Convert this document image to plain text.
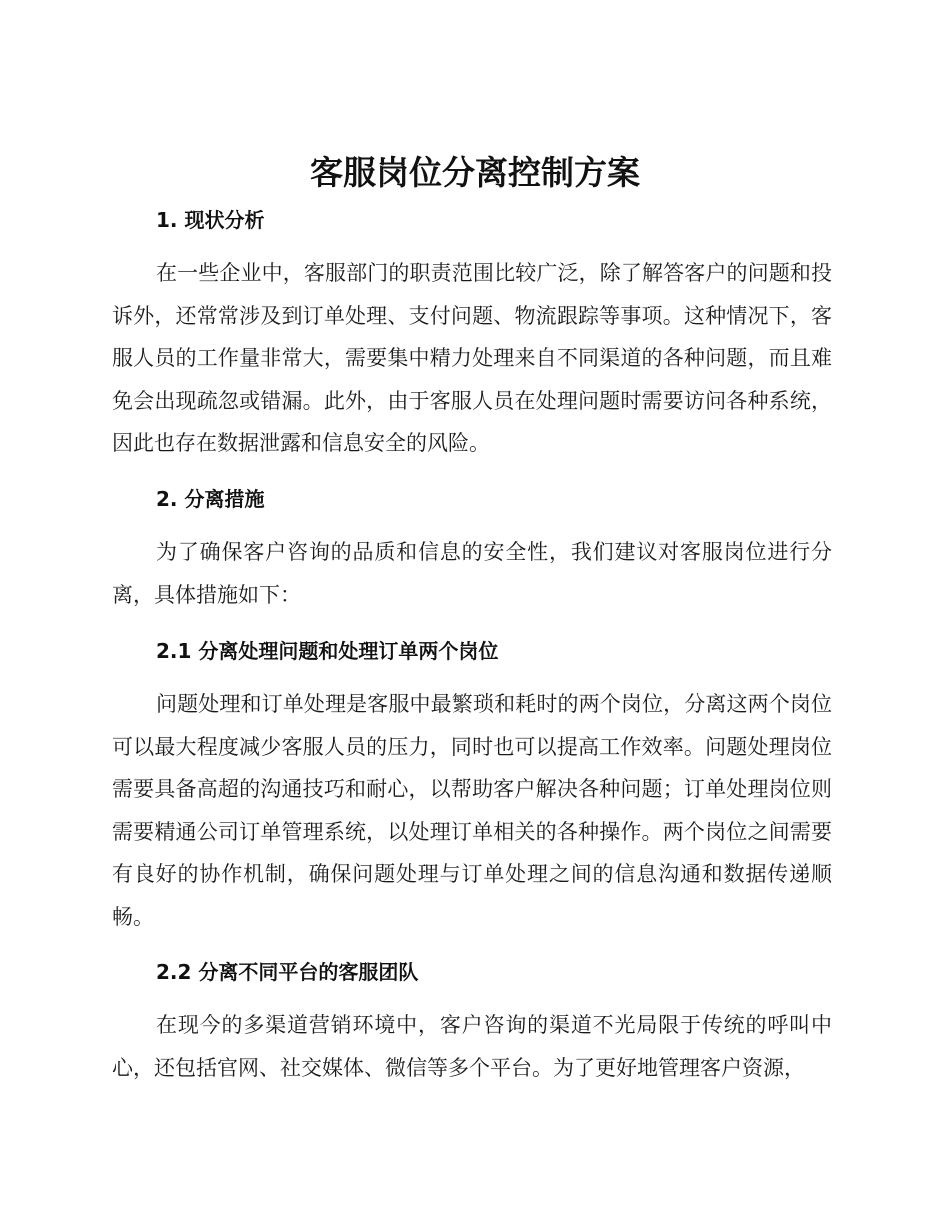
客服岗位分离控制方案
1. 现状分析

在一些企业中，客服部门的职责范围比较广泛，除了解答客户的问题和投诉外，还常常涉及到订单处理、支付问题、物流跟踪等事项。这种情况下，客服人员的工作量非常大，需要集中精力处理来自不同渠道的各种问题，而且难免会出现疏忽或错漏。此外，由于客服人员在处理问题时需要访问各种系统，因此也存在数据泄露和信息安全的风险。

2. 分离措施

为了确保客户咨询的品质和信息的安全性，我们建议对客服岗位进行分离，具体措施如下：

2.1 分离处理问题和处理订单两个岗位

问题处理和订单处理是客服中最繁琐和耗时的两个岗位，分离这两个岗位可以最大程度减少客服人员的压力，同时也可以提高工作效率。问题处理岗位需要具备高超的沟通技巧和耐心，以帮助客户解决各种问题；订单处理岗位则需要精通公司订单管理系统，以处理订单相关的各种操作。两个岗位之间需要有良好的协作机制，确保问题处理与订单处理之间的信息沟通和数据传递顺畅。

2.2 分离不同平台的客服团队

在现今的多渠道营销环境中，客户咨询的渠道不光局限于传统的呼叫中心，还包括官网、社交媒体、微信等多个平台。为了更好地管理客户资源，
